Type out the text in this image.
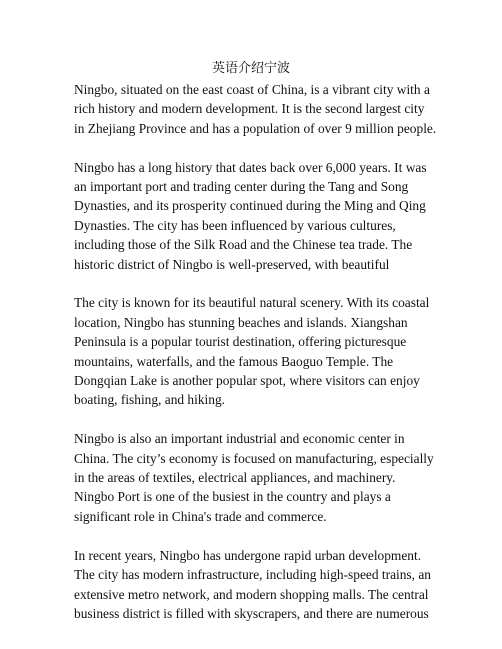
英语介绍宁波

Ningbo, situated on the east coast of China, is a vibrant city with a
rich history and modern development. It is the second largest city
in Zhejiang Province and has a population of over 9 million people.

Ningbo has a long history that dates back over 6,000 years. It was
an important port and trading center during the Tang and Song
Dynasties, and its prosperity continued during the Ming and Qing
Dynasties. The city has been influenced by various cultures,
including those of the Silk Road and the Chinese tea trade. The
historic district of Ningbo is well-preserved, with beautiful

The city is known for its beautiful natural scenery. With its coastal
location, Ningbo has stunning beaches and islands. Xiangshan
Peninsula is a popular tourist destination, offering picturesque
mountains, waterfalls, and the famous Baoguo Temple. The
Dongqian Lake is another popular spot, where visitors can enjoy
boating, fishing, and hiking.

Ningbo is also an important industrial and economic center in
China. The city’s economy is focused on manufacturing, especially
in the areas of textiles, electrical appliances, and machinery.
Ningbo Port is one of the busiest in the country and plays a
significant role in China's trade and commerce.

In recent years, Ningbo has undergone rapid urban development.
The city has modern infrastructure, including high-speed trains, an
extensive metro network, and modern shopping malls. The central
business district is filled with skyscrapers, and there are numerous
